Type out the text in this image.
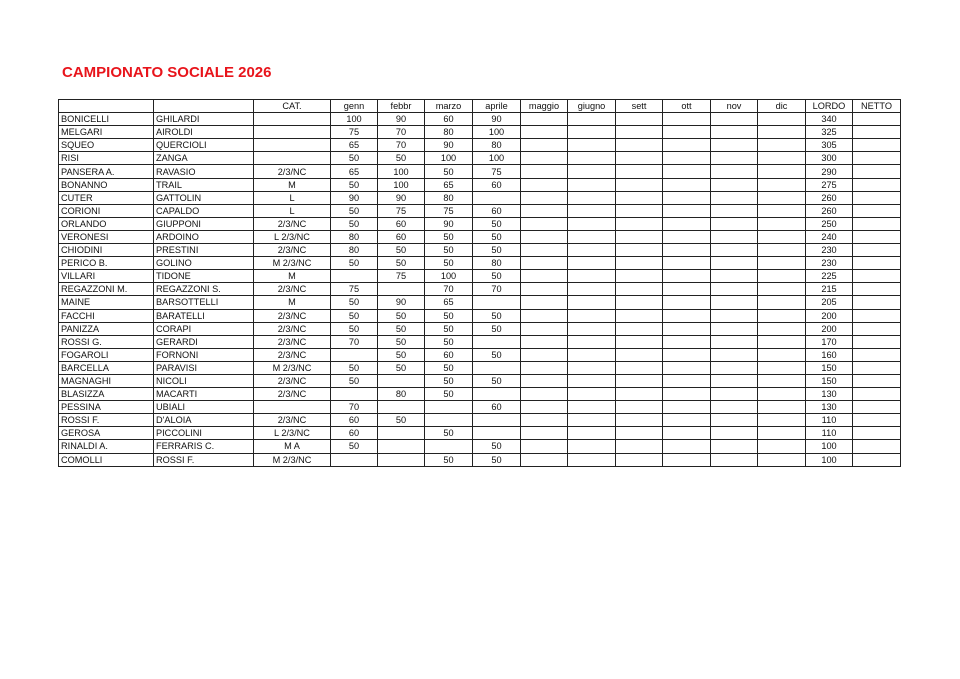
CAMPIONATO SOCIALE 2026
		CAT.	genn	febbr	marzo	aprile	maggio	giugno	sett	ott	nov	dic	LORDO	NETTO
BONICELLI	GHILARDI		100	90	60	90							340	
MELGARI	AIROLDI		75	70	80	100							325	
SQUEO	QUERCIOLI		65	70	90	80							305	
RISI	ZANGA		50	50	100	100							300	
PANSERA A.	RAVASIO	2/3/NC	65	100	50	75							290	
BONANNO	TRAIL	M	50	100	65	60							275	
CUTER	GATTOLIN	L	90	90	80								260	
CORIONI	CAPALDO	L	50	75	75	60							260	
ORLANDO	GIUPPONI	2/3/NC	50	60	90	50							250	
VERONESI	ARDOINO	L 2/3/NC	80	60	50	50							240	
CHIODINI	PRESTINI	2/3/NC	80	50	50	50							230	
PERICO B.	GOLINO	M 2/3/NC	50	50	50	80							230	
VILLARI	TIDONE	M		75	100	50							225	
REGAZZONI M.	REGAZZONI S.	2/3/NC	75		70	70							215	
MAINE	BARSOTTELLI	M	50	90	65								205	
FACCHI	BARATELLI	2/3/NC	50	50	50	50							200	
PANIZZA	CORAPI	2/3/NC	50	50	50	50							200	
ROSSI G.	GERARDI	2/3/NC	70	50	50								170	
FOGAROLI	FORNONI	2/3/NC		50	60	50							160	
BARCELLA	PARAVISI	M 2/3/NC	50	50	50								150	
MAGNAGHI	NICOLI	2/3/NC	50		50	50							150	
BLASIZZA	MACARTI	2/3/NC		80	50								130	
PESSINA	UBIALI		70			60							130	
ROSSI F.	D'ALOIA	2/3/NC	60	50									110	
GEROSA	PICCOLINI	L 2/3/NC	60		50								110	
RINALDI A.	FERRARIS C.	M A	50			50							100	
COMOLLI	ROSSI F.	M 2/3/NC			50	50							100	
